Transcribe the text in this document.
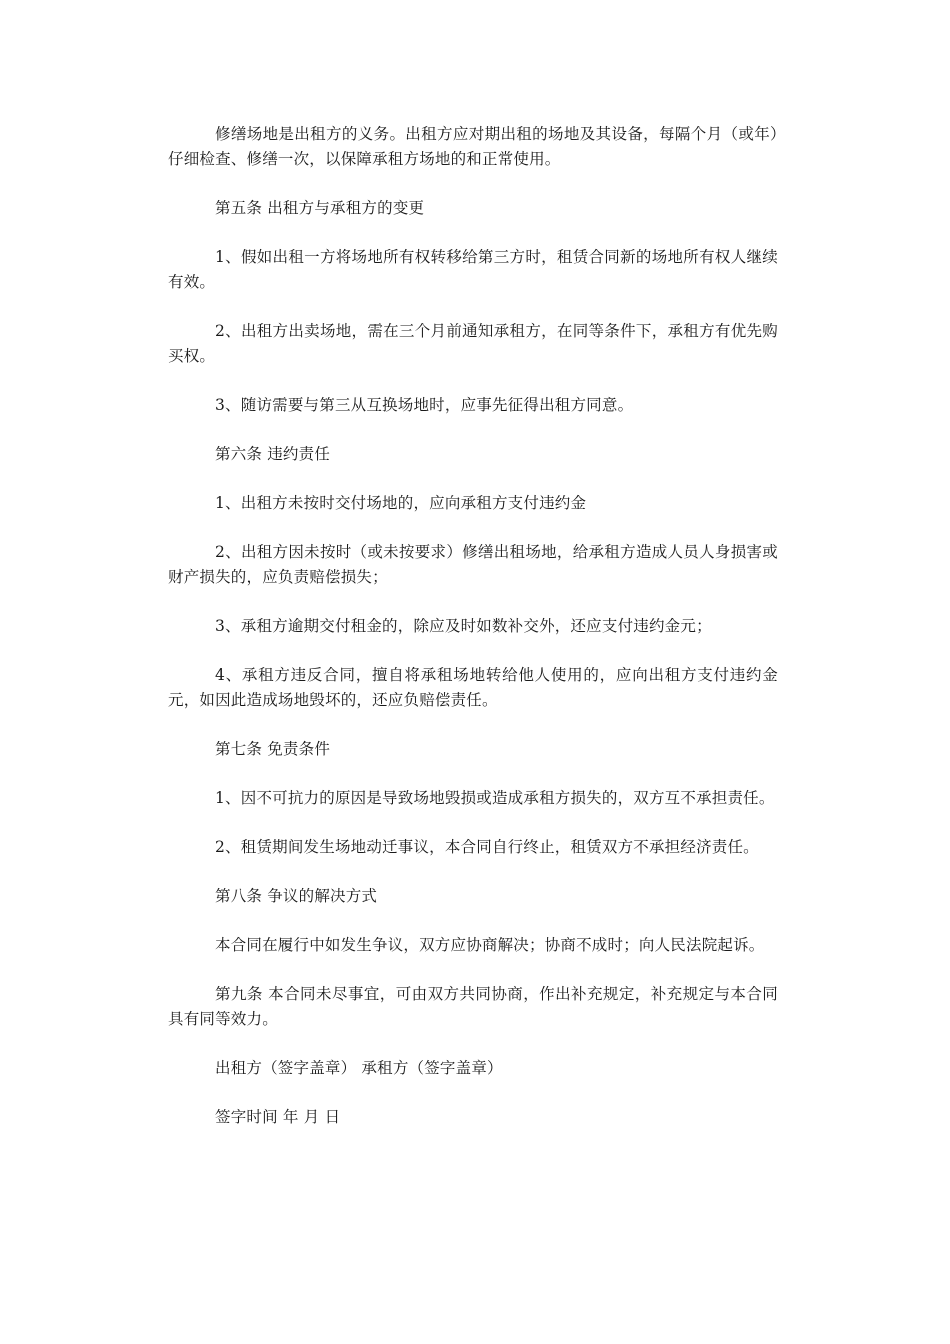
修缮场地是出租方的义务。出租方应对期出租的场地及其设备，每隔个月（或年）仔细检查、修缮一次，以保障承租方场地的和正常使用。

第五条 出租方与承租方的变更

1、假如出租一方将场地所有权转移给第三方时，租赁合同新的场地所有权人继续有效。

2、出租方出卖场地，需在三个月前通知承租方，在同等条件下，承租方有优先购买权。

3、随访需要与第三从互换场地时，应事先征得出租方同意。

第六条 违约责任

1、出租方未按时交付场地的，应向承租方支付违约金

2、出租方因未按时（或未按要求）修缮出租场地，给承租方造成人员人身损害或财产损失的，应负责赔偿损失；

3、承租方逾期交付租金的，除应及时如数补交外，还应支付违约金元；

4、承租方违反合同，擅自将承租场地转给他人使用的，应向出租方支付违约金元，如因此造成场地毁坏的，还应负赔偿责任。

第七条 免责条件

1、因不可抗力的原因是导致场地毁损或造成承租方损失的，双方互不承担责任。

2、租赁期间发生场地动迁事议，本合同自行终止，租赁双方不承担经济责任。

第八条 争议的解决方式

本合同在履行中如发生争议，双方应协商解决；协商不成时；向人民法院起诉。

第九条 本合同未尽事宜，可由双方共同协商，作出补充规定，补充规定与本合同具有同等效力。

出租方（签字盖章） 承租方（签字盖章）

签字时间 年 月 日
